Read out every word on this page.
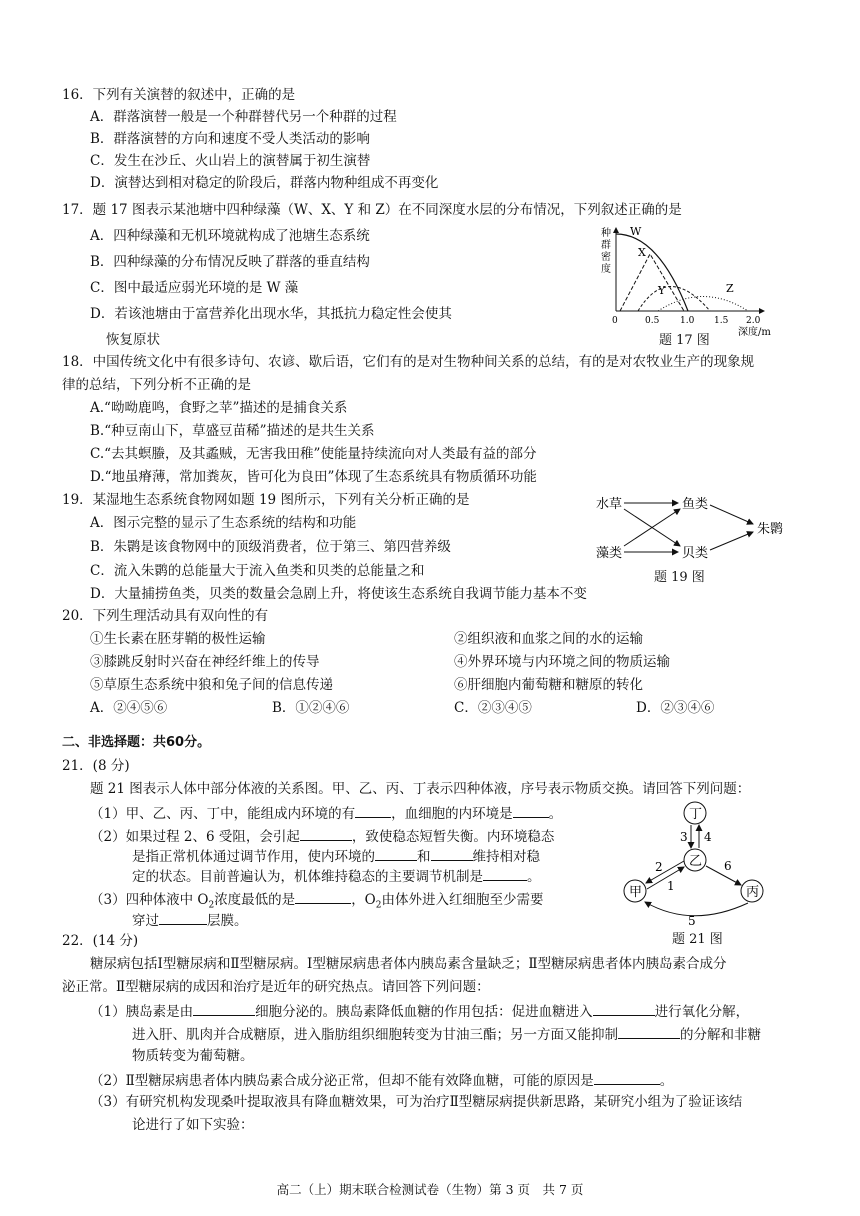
16．下列有关演替的叙述中，正确的是
A．群落演替一般是一个种群替代另一个种群的过程
B．群落演替的方向和速度不受人类活动的影响
C．发生在沙丘、火山岩上的演替属于初生演替
D．演替达到相对稳定的阶段后，群落内物种组成不再变化
17．题 17 图表示某池塘中四种绿藻（W、X、Y 和 Z）在不同深度水层的分布情况，下列叙述正确的是
A．四种绿藻和无机环境就构成了池塘生态系统
B．四种绿藻的分布情况反映了群落的垂直结构
C．图中最适应弱光环境的是 W 藻
D．若该池塘由于富营养化出现水华，其抵抗力稳定性会使其
恢复原状
种
群
密
度
W
X
Y	Z
0	0.5 1.0 1.5 2.0
深度/m
题 17 图
18．中国传统文化中有很多诗句、农谚、歇后语，它们有的是对生物种间关系的总结，有的是对农牧业生产的现象规
律的总结，下列分析不正确的是
A.“呦呦鹿鸣，食野之苹”描述的是捕食关系
B.“种豆南山下，草盛豆苗稀”描述的是共生关系
C.“去其螟螣，及其蟊贼，无害我田稚”使能量持续流向对人类最有益的部分
D.“地虽瘠薄，常加粪灰，皆可化为良田”体现了生态系统具有物质循环功能
19．某湿地生态系统食物网如题 19 图所示，下列有关分析正确的是
A．图示完整的显示了生态系统的结构和功能
B．朱鹮是该食物网中的顶级消费者，位于第三、第四营养级
C．流入朱鹮的总能量大于流入鱼类和贝类的总能量之和
D．大量捕捞鱼类，贝类的数量会急剧上升，将使该生态系统自我调节能力基本不变
水草
藻类
鱼类
贝类
朱鹮
题 19 图
20．下列生理活动具有双向性的有
①生长素在胚芽鞘的极性运输	②组织液和血浆之间的水的运输
③膝跳反射时兴奋在神经纤维上的传导	④外界环境与内环境之间的物质运输
⑤草原生态系统中狼和兔子间的信息传递	⑥肝细胞内葡萄糖和糖原的转化
A．②④⑤⑥	B．①②④⑥	C．②③④⑤	D．②③④⑥
二、非选择题：共60分。
21．(8 分)
题 21 图表示人体中部分体液的关系图。甲、乙、丙、丁表示四种体液，序号表示物质交换。请回答下列问题：
（1）甲、乙、丙、丁中，能组成内环境的有	，血细胞的内环境是	。
（2）如果过程 2、6 受阻，会引起	，致使稳态短暂失衡。内环境稳态
是指正常机体通过调节作用，使内环境的	和	维持相对稳
定的状态。目前普遍认为，机体维持稳态的主要调节机制是	。
（3）四种体液中 $O_2$浓度最低的是	，$O_2$由体外进入红细胞至少需要
穿过	层膜。
丁
乙
甲	丙
3 4
2
1
6
5
题 21 图
22．(14 分)
糖尿病包括Ⅰ型糖尿病和Ⅱ型糖尿病。Ⅰ型糖尿病患者体内胰岛素含量缺乏；Ⅱ型糖尿病患者体内胰岛素合成分
泌正常。Ⅱ型糖尿病的成因和治疗是近年的研究热点。请回答下列问题：
（1）胰岛素是由	细胞分泌的。胰岛素降低血糖的作用包括：促进血糖进入	进行氧化分解，
进入肝、肌肉并合成糖原，进入脂肪组织细胞转变为甘油三酯；另一方面又能抑制	的分解和非糖
物质转变为葡萄糖。
（2）Ⅱ型糖尿病患者体内胰岛素合成分泌正常，但却不能有效降血糖，可能的原因是	。
（3）有研究机构发现桑叶提取液具有降血糖效果，可为治疗Ⅱ型糖尿病提供新思路，某研究小组为了验证该结
论进行了如下实验：
高二（上）期末联合检测试卷（生物）第 3 页　共 7 页
